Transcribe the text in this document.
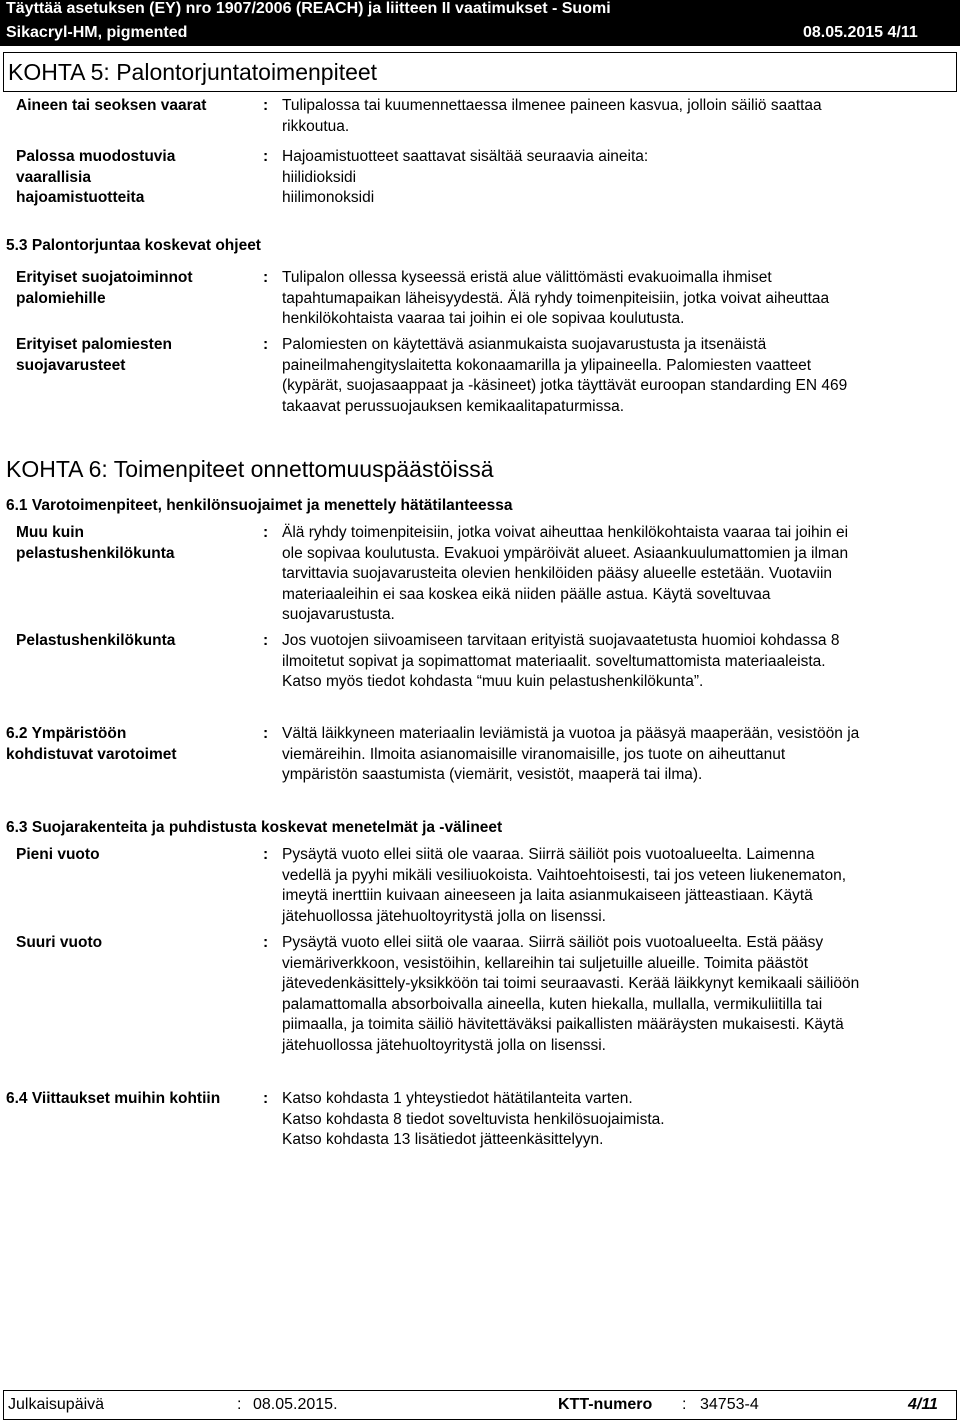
Täyttää asetuksen (EY) nro 1907/2006 (REACH) ja liitteen II vaatimukset - Suomi
Sikacryl-HM, pigmented	08.05.2015 4/11
KOHTA 5: Palontorjuntatoimenpiteet
Aineen tai seoksen vaarat	: Tulipalossa tai kuumennettaessa ilmenee paineen kasvua, jolloin säiliö saattaa
rikkoutua.
Palossa muodostuvia
vaarallisia
hajoamistuotteita
: Hajoamistuotteet saattavat sisältää seuraavia aineita:
hiilidioksidi
hiilimonoksidi
5.3 Palontorjuntaa koskevat ohjeet
Erityiset suojatoiminnot
palomiehille
: Tulipalon ollessa kyseessä eristä alue välittömästi evakuoimalla ihmiset
tapahtumapaikan läheisyydestä. Älä ryhdy toimenpiteisiin, jotka voivat aiheuttaa
henkilökohtaista vaaraa tai joihin ei ole sopivaa koulutusta.
Erityiset palomiesten
suojavarusteet
: Palomiesten on käytettävä asianmukaista suojavarustusta ja itsenäistä
paineilmahengityslaitetta kokonaamarilla ja ylipaineella. Palomiesten vaatteet
(kypärät, suojasaappaat ja -käsineet) jotka täyttävät euroopan standarding EN 469
takaavat perussuojauksen kemikaalitapaturmissa.
KOHTA 6: Toimenpiteet onnettomuuspäästöissä
6.1 Varotoimenpiteet, henkilönsuojaimet ja menettely hätätilanteessa
Muu kuin
pelastushenkilökunta
: Älä ryhdy toimenpiteisiin, jotka voivat aiheuttaa henkilökohtaista vaaraa tai joihin ei
ole sopivaa koulutusta. Evakuoi ympäröivät alueet. Asiaankuulumattomien ja ilman
tarvittavia suojavarusteita olevien henkilöiden pääsy alueelle estetään. Vuotaviin
materiaaleihin ei saa koskea eikä niiden päälle astua. Käytä soveltuvaa
suojavarustusta.
Pelastushenkilökunta	: Jos vuotojen siivoamiseen tarvitaan erityistä suojavaatetusta huomioi kohdassa 8
ilmoitetut sopivat ja sopimattomat materiaalit. soveltumattomista materiaaleista.
Katso myös tiedot kohdasta “muu kuin pelastushenkilökunta”.
6.2 Ympäristöön
kohdistuvat varotoimet
: Vältä läikkyneen materiaalin leviämistä ja vuotoa ja pääsyä maaperään, vesistöön ja
viemäreihin. Ilmoita asianomaisille viranomaisille, jos tuote on aiheuttanut
ympäristön saastumista (viemärit, vesistöt, maaperä tai ilma).
6.3 Suojarakenteita ja puhdistusta koskevat menetelmät ja -välineet
Pieni vuoto	: Pysäytä vuoto ellei siitä ole vaaraa. Siirrä säiliöt pois vuotoalueelta. Laimenna
vedellä ja pyyhi mikäli vesiliuokoista. Vaihtoehtoisesti, tai jos veteen liukenematon,
imeytä inerttiin kuivaan aineeseen ja laita asianmukaiseen jätteastiaan. Käytä
jätehuollossa jätehuoltoyritystä jolla on lisenssi.
Suuri vuoto	: Pysäytä vuoto ellei siitä ole vaaraa. Siirrä säiliöt pois vuotoalueelta. Estä pääsy
viemäriverkkoon, vesistöihin, kellareihin tai suljetuille alueille. Toimita päästöt
jätevedenkäsittely-yksikköön tai toimi seuraavasti. Kerää läikkynyt kemikaali säiliöön
palamattomalla absorboivalla aineella, kuten hiekalla, mullalla, vermikuliitilla tai
piimaalla, ja toimita säiliö hävitettäväksi paikallisten määräysten mukaisesti. Käytä
jätehuollossa jätehuoltoyritystä jolla on lisenssi.
6.4 Viittaukset muihin kohtiin	: Katso kohdasta 1 yhteystiedot hätätilanteita varten.
Katso kohdasta 8 tiedot soveltuvista henkilösuojaimista.
Katso kohdasta 13 lisätiedot jätteenkäsittelyyn.
Julkaisupäivä	: 08.05.2015.	KTT-numero : 34753-4	4/11
